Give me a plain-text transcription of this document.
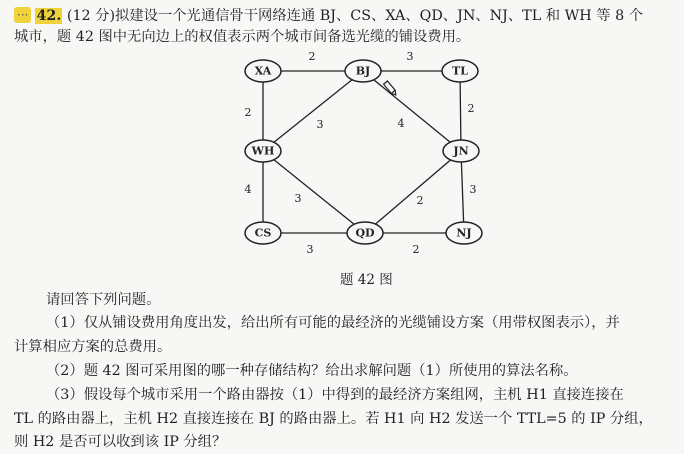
··· 42. (12 分)拟建设一个光通信骨干网络连通 BJ、CS、XA、QD、JN、NJ、TL 和 WH 等 8 个
城市，题 42 图中无向边上的权值表示两个城市间备选光缆的铺设费用。
2	3
2
3	4
2
4
3	2
3
3	2
XA	BJ	TL
WH	JN
CS	QD	NJ
题 42 图
请回答下列问题。
（1）仅从铺设费用角度出发，给出所有可能的最经济的光缆铺设方案（用带权图表示），并
计算相应方案的总费用。
（2）题 42 图可采用图的哪一种存储结构？给出求解问题（1）所使用的算法名称。
（3）假设每个城市采用一个路由器按（1）中得到的最经济方案组网，主机 H1 直接连接在
TL 的路由器上，主机 H2 直接连接在 BJ 的路由器上。若 H1 向 H2 发送一个 TTL=5 的 IP 分组，
则 H2 是否可以收到该 IP 分组？
